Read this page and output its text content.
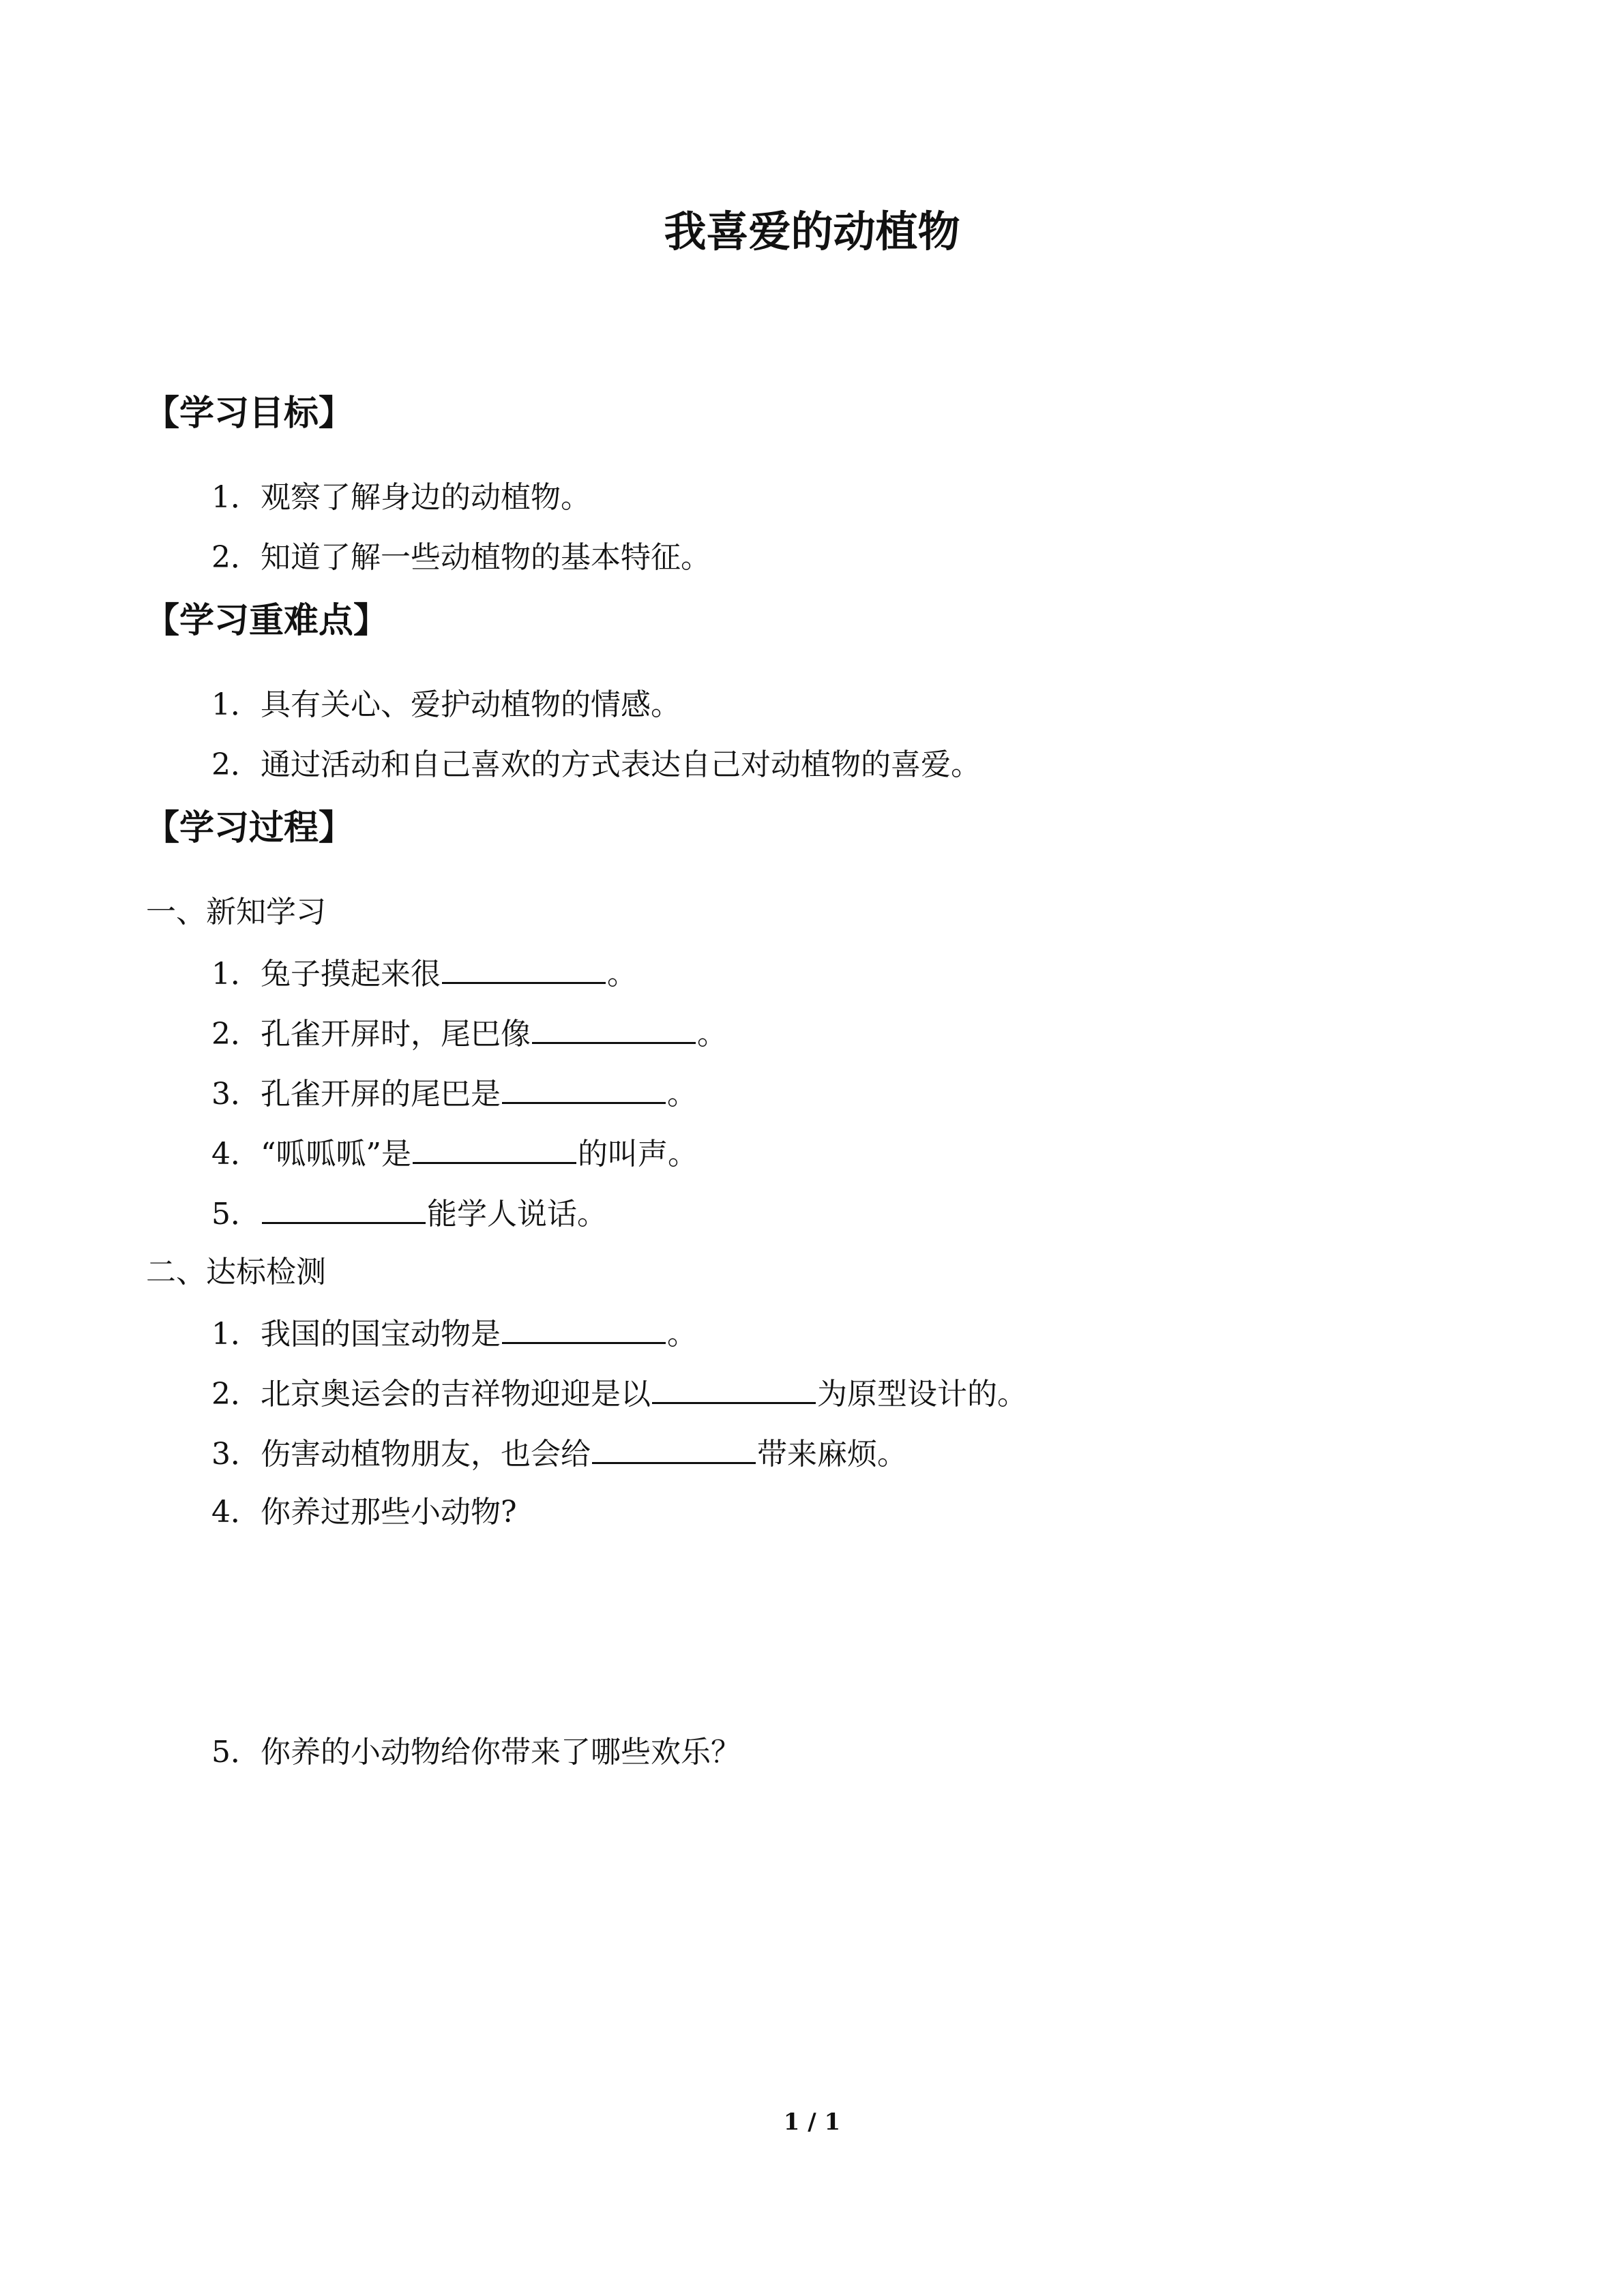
我喜爱的动植物
【学习目标】
1．观察了解身边的动植物。
2．知道了解一些动植物的基本特征。
【学习重难点】
1．具有关心、爱护动植物的情感。
2．通过活动和自己喜欢的方式表达自己对动植物的喜爱。
【学习过程】
一、新知学习
1．兔子摸起来很	。
2．孔雀开屏时，尾巴像	。
3．孔雀开屏的尾巴是	。
4．“呱呱呱”是	的叫声。
5．	能学人说话。
二、达标检测
1．我国的国宝动物是	。
2．北京奥运会的吉祥物迎迎是以	为原型设计的。
3．伤害动植物朋友，也会给	带来麻烦。
4．你养过那些小动物?
5．你养的小动物给你带来了哪些欢乐？
1 / 1
